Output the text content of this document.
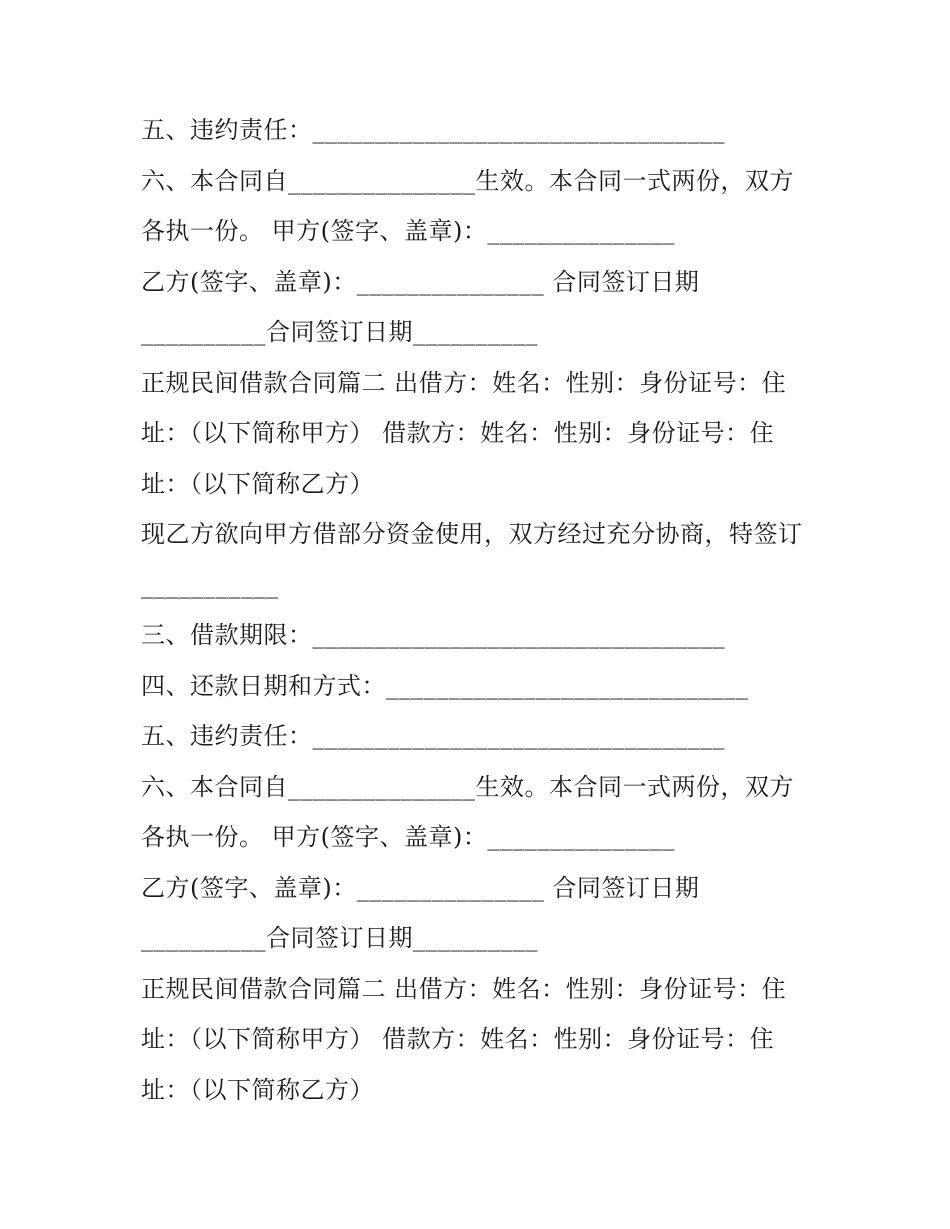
五、违约责任：_________________________________
六、本合同自_______________生效。本合同一式两份，双方
各执一份。 甲方(签字、盖章)：_______________
乙方(签字、盖章)：_______________ 合同签订日期
__________合同签订日期__________
正规民间借款合同篇二 出借方：姓名：性别：身份证号：住
址：（以下简称甲方） 借款方：姓名：性别：身份证号：住
址：（以下简称乙方）
现乙方欲向甲方借部分资金使用，双方经过充分协商，特签订
___________
三、借款期限：_________________________________
四、还款日期和方式：_____________________________
五、违约责任：_________________________________
六、本合同自_______________生效。本合同一式两份，双方
各执一份。 甲方(签字、盖章)：_______________
乙方(签字、盖章)：_______________ 合同签订日期
__________合同签订日期__________
正规民间借款合同篇二 出借方：姓名：性别：身份证号：住
址：（以下简称甲方） 借款方：姓名：性别：身份证号：住
址：（以下简称乙方）
